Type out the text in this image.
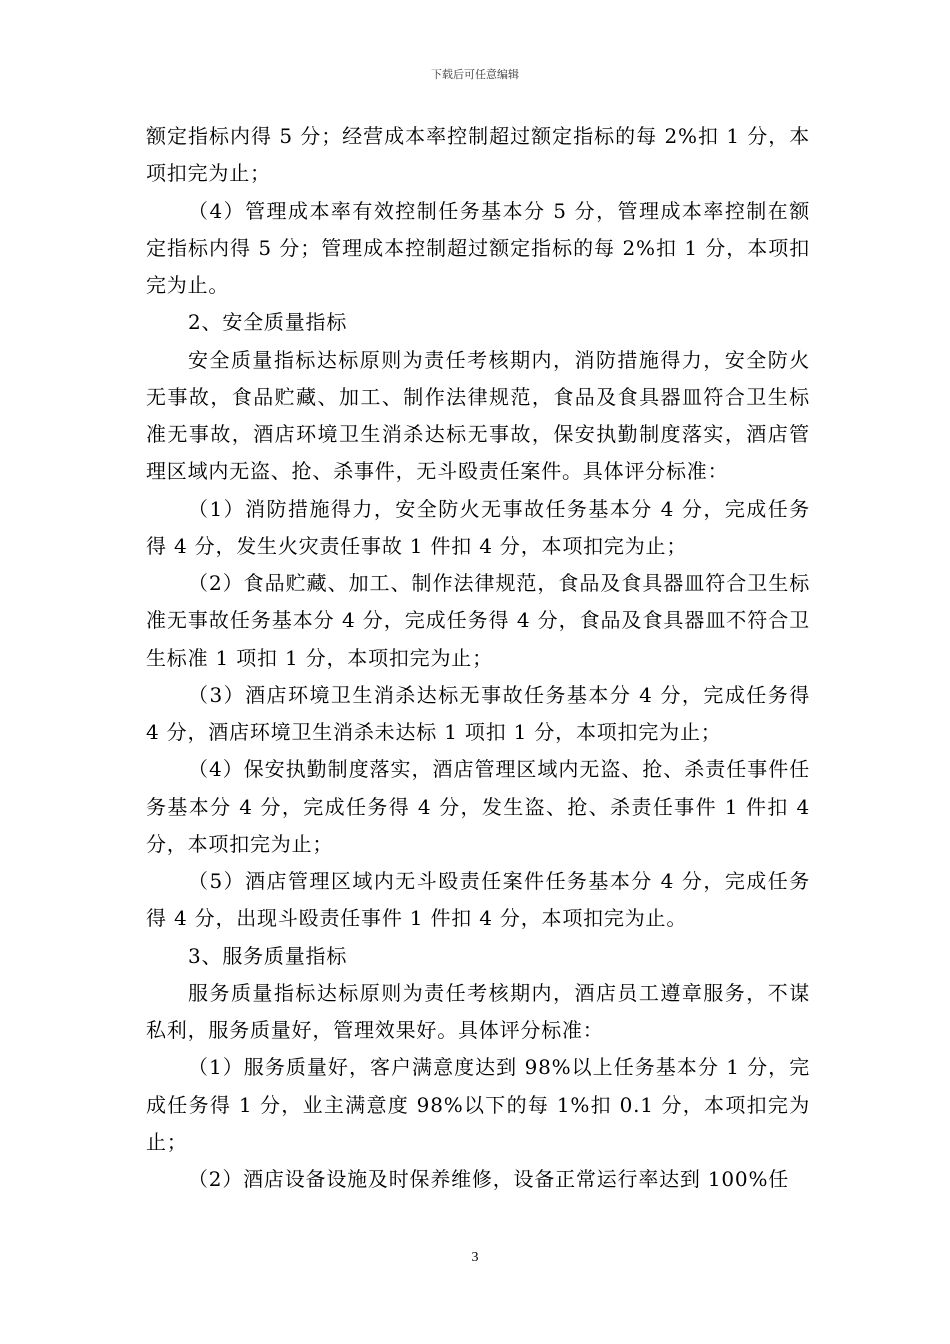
下载后可任意编辑

额定指标内得 5 分；经营成本率控制超过额定指标的每 2%扣 1 分，本项扣完为止；

（4）管理成本率有效控制任务基本分 5 分，管理成本率控制在额定指标内得 5 分；管理成本控制超过额定指标的每 2%扣 1 分，本项扣完为止。

2、安全质量指标

安全质量指标达标原则为责任考核期内，消防措施得力，安全防火无事故，食品贮藏、加工、制作法律规范，食品及食具器皿符合卫生标准无事故，酒店环境卫生消杀达标无事故，保安执勤制度落实，酒店管理区域内无盗、抢、杀事件，无斗殴责任案件。具体评分标准：

（1）消防措施得力，安全防火无事故任务基本分 4 分，完成任务得 4 分，发生火灾责任事故 1 件扣 4 分，本项扣完为止；

（2）食品贮藏、加工、制作法律规范，食品及食具器皿符合卫生标准无事故任务基本分 4 分，完成任务得 4 分，食品及食具器皿不符合卫生标准 1 项扣 1 分，本项扣完为止；

（3）酒店环境卫生消杀达标无事故任务基本分 4 分，完成任务得 4 分，酒店环境卫生消杀未达标 1 项扣 1 分，本项扣完为止；

（4）保安执勤制度落实，酒店管理区域内无盗、抢、杀责任事件任务基本分 4 分，完成任务得 4 分，发生盗、抢、杀责任事件 1 件扣 4 分，本项扣完为止；

（5）酒店管理区域内无斗殴责任案件任务基本分 4 分，完成任务得 4 分，出现斗殴责任事件 1 件扣 4 分，本项扣完为止。

3、服务质量指标

服务质量指标达标原则为责任考核期内，酒店员工遵章服务，不谋私利，服务质量好，管理效果好。具体评分标准：

（1）服务质量好，客户满意度达到 98%以上任务基本分 1 分，完成任务得 1 分，业主满意度 98%以下的每 1%扣 0.1 分，本项扣完为止；

（2）酒店设备设施及时保养维修，设备正常运行率达到 100%任

3
